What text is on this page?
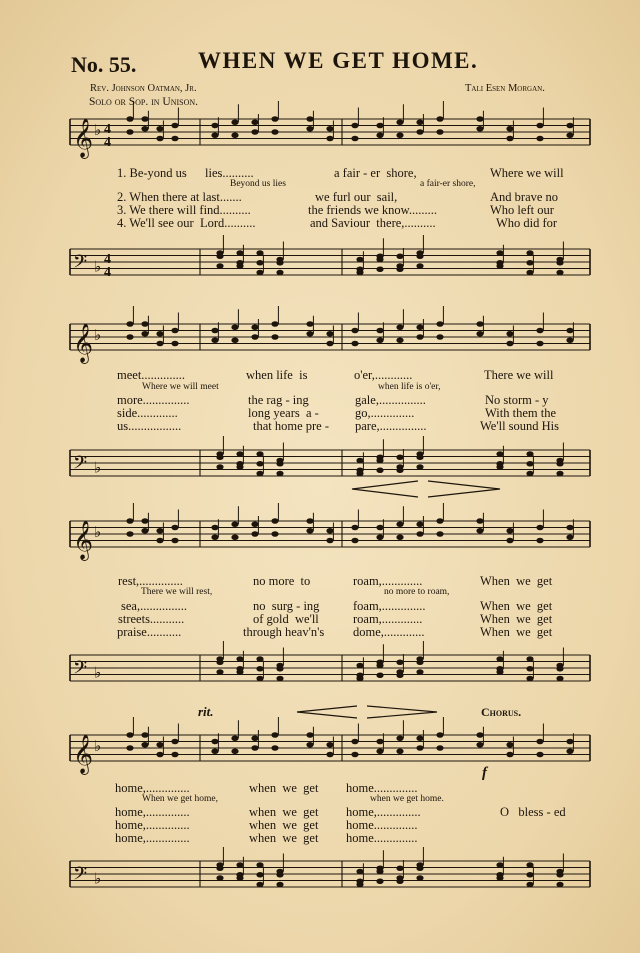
No. 55.	WHEN WE GET HOME.
Rev. Johnson Oatman, Jr.	Tali Esen Morgan.
Solo or Sop. in Unison.
𝄞 ♭ 4
4
Beyond us lies	a fair-er shore,
1. Be-yond us lies..........	a fair - er  shore,	Where we will
2. When there at last.......	we furl our  sail,	And brave no
3. We there will find..........	the friends we know.........	Who left our
4. We'll see our  Lord..........	and Saviour  there,..........	Who did for
𝄢 ♭ 4
4
𝄞 ♭
Where we will meet	when life is o'er,
meet..............	when life  is	o'er,............	There we will
more...............	the rag - ing	gale,...............	No storm - y
side.............	long years  a -	go,..............	With them the
us.................	that home pre - pare,...............	We'll sound His
𝄢 ♭
𝄞 ♭
There we will rest,	no more to roam,
rest,..............	no more  to	roam,.............	When  we  get
sea,...............	no  surg - ing	foam,..............	When  we  get
streets...........	of gold  we'll	roam,.............	When  we  get
praise...........	through heav'n's dome,.............	When  we  get
𝄢 ♭
rit.	Chorus.
f
𝄞 ♭
When we get home,	when we get home.
home,..............	when  we  get home..............
home,..............	when  we  get home,..............	O   bless - ed
home,..............	when  we  get home..............
home,..............	when  we  get home..............
𝄢 ♭
